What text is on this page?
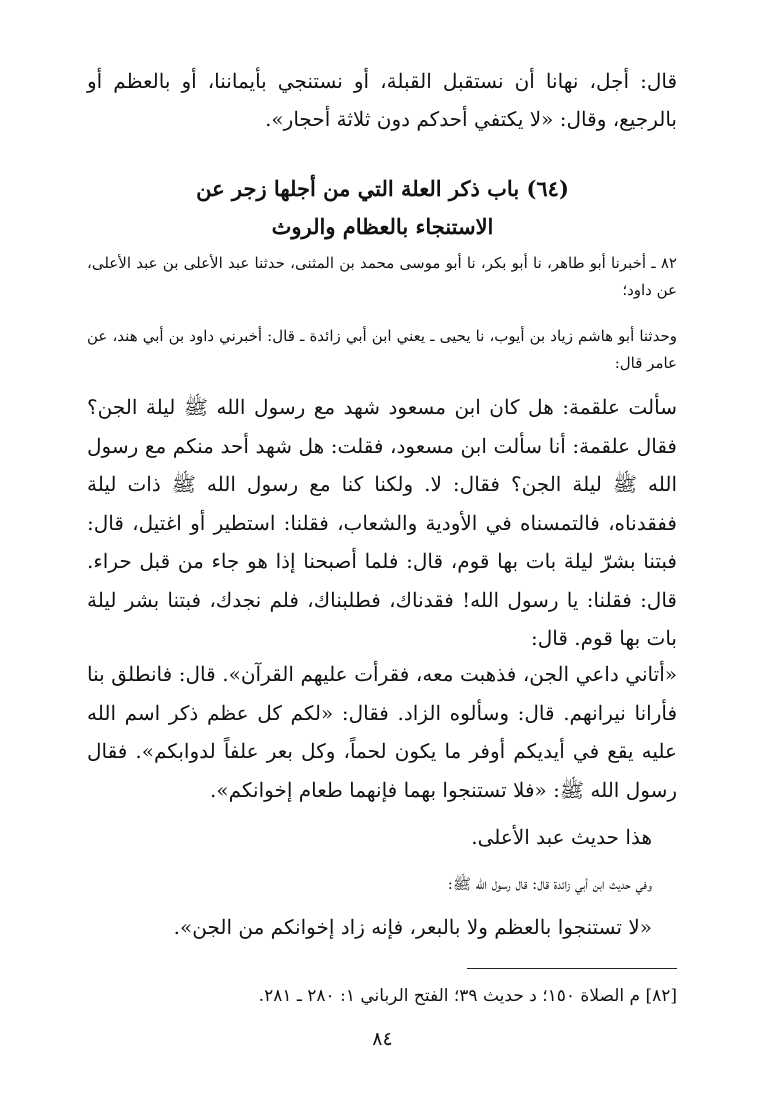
قال: أجل، نهانا أن نستقبل القبلة، أو نستنجي بأيماننا، أو بالعظم أو بالرجيع، وقال: «لا يكتفي أحدكم دون ثلاثة أحجار».

(٦٤) باب ذكر العلة التي من أجلها زجر عن
الاستنجاء بالعظام والروث

٨٢ ـ أخبرنا أبو طاهر، نا أبو بكر، نا أبو موسى محمد بن المثنى، حدثنا عبد الأعلى بن عبد الأعلى، عن داود؛

وحدثنا أبو هاشم زياد بن أيوب، نا يحيى ـ يعني ابن أبي زائدة ـ قال: أخبرني داود بن أبي هند، عن عامر قال:

سألت علقمة: هل كان ابن مسعود شهد مع رسول الله ﷺ ليلة الجن؟ فقال علقمة: أنا سألت ابن مسعود، فقلت: هل شهد أحد منكم مع رسول الله ﷺ ليلة الجن؟ فقال: لا. ولكنا كنا مع رسول الله ﷺ ذات ليلة ففقدناه، فالتمسناه في الأودية والشعاب، فقلنا: استطير أو اغتيل، قال: فبتنا بشرّ ليلة بات بها قوم، قال: فلما أصبحنا إذا هو جاء من قبل حراء. قال: فقلنا: يا رسول الله! فقدناك، فطلبناك، فلم نجدك، فبتنا بشر ليلة بات بها قوم. قال:

«أتاني داعي الجن، فذهبت معه، فقرأت عليهم القرآن». قال: فانطلق بنا فأرانا نيرانهم. قال: وسألوه الزاد. فقال: «لكم كل عظم ذكر اسم الله عليه يقع في أيديكم أوفر ما يكون لحماً، وكل بعر علفاً لدوابكم». فقال رسول الله ﷺ: «فلا تستنجوا بهما فإنهما طعام إخوانكم».

هذا حديث عبد الأعلى.

وفي حديث ابن أبي زائدة قال: قال رسول الله ﷺ:

«لا تستنجوا بالعظم ولا بالبعر، فإنه زاد إخوانكم من الجن».

[٨٢] م الصلاة ١٥٠؛ د حديث ٣٩؛ الفتح الرباني ١: ٢٨٠ ـ ٢٨١.

٨٤
